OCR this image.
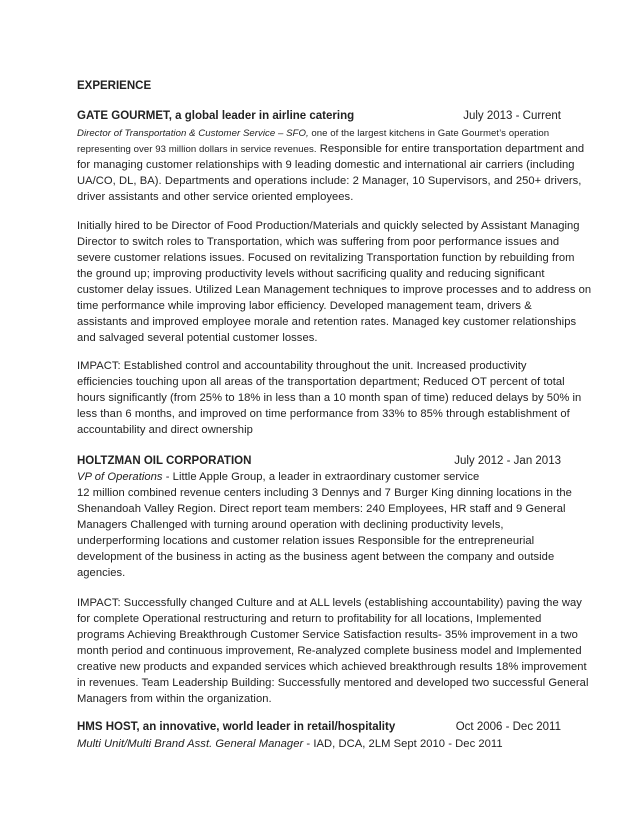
EXPERIENCE
GATE GOURMET, a global leader in airline catering	July 2013 - Current
Director of Transportation & Customer Service – SFO, one of the largest kitchens in Gate Gourmet’s operation
representing over 93 million dollars in service revenues. Responsible for entire transportation department and
for managing customer relationships with 9 leading domestic and international air carriers (including
UA/CO, DL, BA). Departments and operations include: 2 Manager, 10 Supervisors, and 250+ drivers,
driver assistants and other service oriented employees.
Initially hired to be Director of Food Production/Materials and quickly selected by Assistant Managing
Director to switch roles to Transportation, which was suffering from poor performance issues and
severe customer relations issues. Focused on revitalizing Transportation function by rebuilding from
the ground up; improving productivity levels without sacrificing quality and reducing significant
customer delay issues. Utilized Lean Management techniques to improve processes and to address on
time performance while improving labor efficiency. Developed management team, drivers &
assistants and improved employee morale and retention rates. Managed key customer relationships
and salvaged several potential customer losses.
IMPACT: Established control and accountability throughout the unit. Increased productivity
efficiencies touching upon all areas of the transportation department; Reduced OT percent of total
hours significantly (from 25% to 18% in less than a 10 month span of time) reduced delays by 50% in
less than 6 months, and improved on time performance from 33% to 85% through establishment of
accountability and direct ownership
HOLTZMAN OIL CORPORATION	July 2012 - Jan 2013
VP of Operations - Little Apple Group, a leader in extraordinary customer service
12 million combined revenue centers including 3 Dennys and 7 Burger King dinning locations in the
Shenandoah Valley Region. Direct report team members: 240 Employees, HR staff and 9 General
Managers Challenged with turning around operation with declining productivity levels,
underperforming locations and customer relation issues Responsible for the entrepreneurial
development of the business in acting as the business agent between the company and outside
agencies.
IMPACT: Successfully changed Culture and at ALL levels (establishing accountability) paving the way
for complete Operational restructuring and return to profitability for all locations, Implemented
programs Achieving Breakthrough Customer Service Satisfaction results- 35% improvement in a two
month period and continuous improvement, Re-analyzed complete business model and Implemented
creative new products and expanded services which achieved breakthrough results 18% improvement
in revenues. Team Leadership Building: Successfully mentored and developed two successful General
Managers from within the organization.
HMS HOST, an innovative, world leader in retail/hospitality	Oct 2006 - Dec 2011
Multi Unit/Multi Brand Asst. General Manager - IAD, DCA, 2LM Sept 2010 - Dec 2011
